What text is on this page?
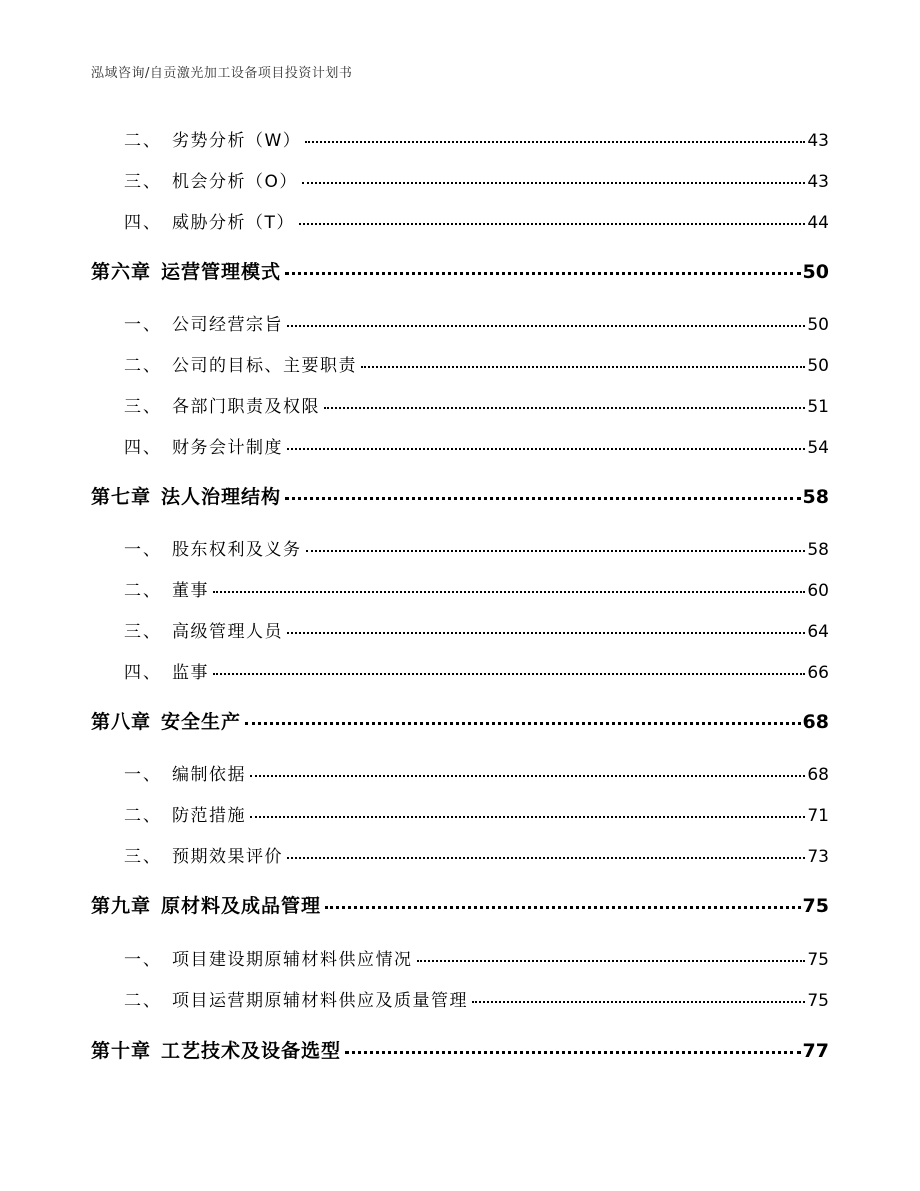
泓域咨询/自贡激光加工设备项目投资计划书
二、 劣势分析（W）	43
三、 机会分析（O）	43
四、 威胁分析（T）	44
第六章 运营管理模式	50
一、 公司经营宗旨	50
二、 公司的目标、主要职责	50
三、 各部门职责及权限	51
四、 财务会计制度	54
第七章 法人治理结构	58
一、 股东权利及义务	58
二、 董事	60
三、 高级管理人员	64
四、 监事	66
第八章 安全生产	68
一、 编制依据	68
二、 防范措施	71
三、 预期效果评价	73
第九章 原材料及成品管理	75
一、 项目建设期原辅材料供应情况	75
二、 项目运营期原辅材料供应及质量管理	75
第十章 工艺技术及设备选型	77
